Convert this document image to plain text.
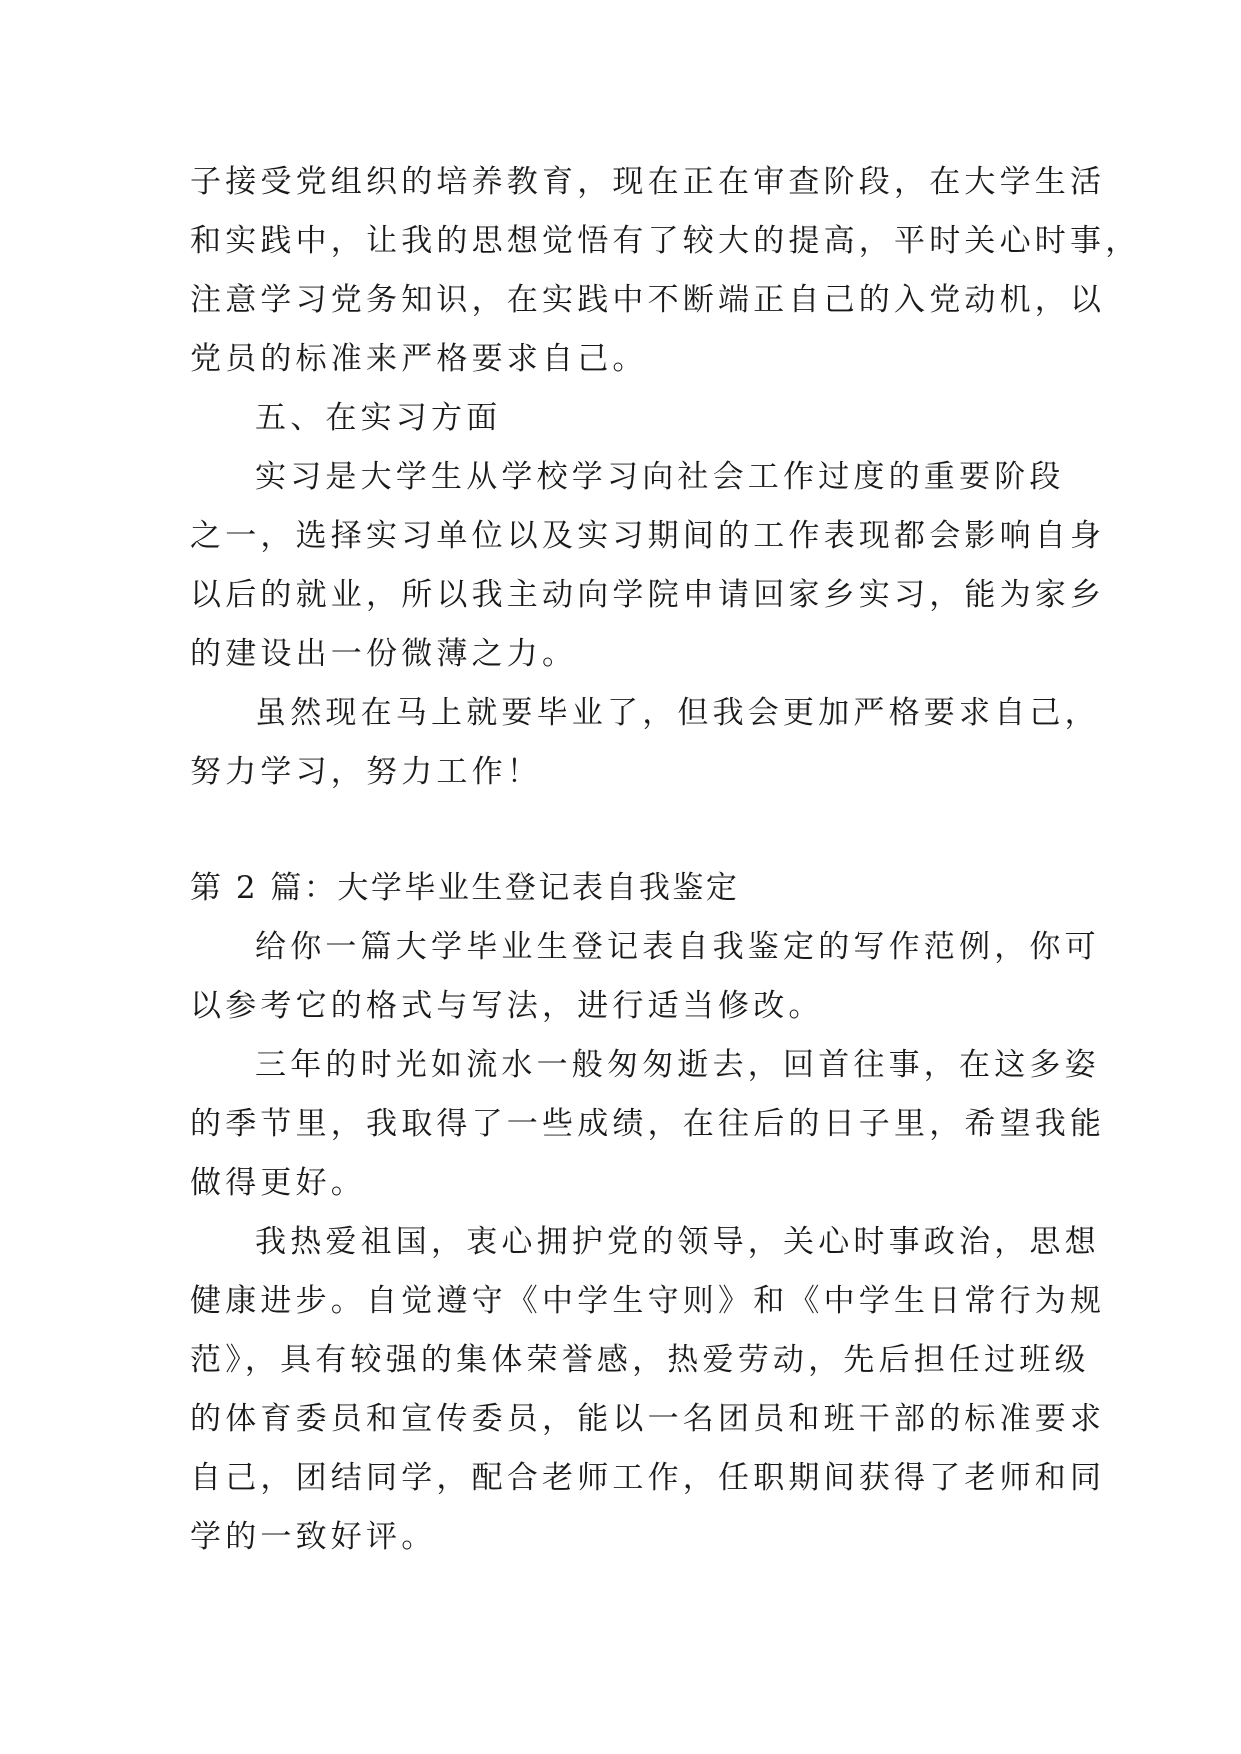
子接受党组织的培养教育，现在正在审查阶段，在大学生活
和实践中，让我的思想觉悟有了较大的提高，平时关心时事，
注意学习党务知识，在实践中不断端正自己的入党动机，以
党员的标准来严格要求自己。
五、在实习方面
实习是大学生从学校学习向社会工作过度的重要阶段
之一，选择实习单位以及实习期间的工作表现都会影响自身
以后的就业，所以我主动向学院申请回家乡实习，能为家乡
的建设出一份微薄之力。
虽然现在马上就要毕业了，但我会更加严格要求自己，
努力学习，努力工作！
第 2 篇：大学毕业生登记表自我鉴定
给你一篇大学毕业生登记表自我鉴定的写作范例，你可
以参考它的格式与写法，进行适当修改。
三年的时光如流水一般匆匆逝去，回首往事，在这多姿
的季节里，我取得了一些成绩，在往后的日子里，希望我能
做得更好。
我热爱祖国，衷心拥护党的领导，关心时事政治，思想
健康进步。自觉遵守《中学生守则》和《中学生日常行为规
范》，具有较强的集体荣誉感，热爱劳动，先后担任过班级
的体育委员和宣传委员，能以一名团员和班干部的标准要求
自己，团结同学，配合老师工作，任职期间获得了老师和同
学的一致好评。
